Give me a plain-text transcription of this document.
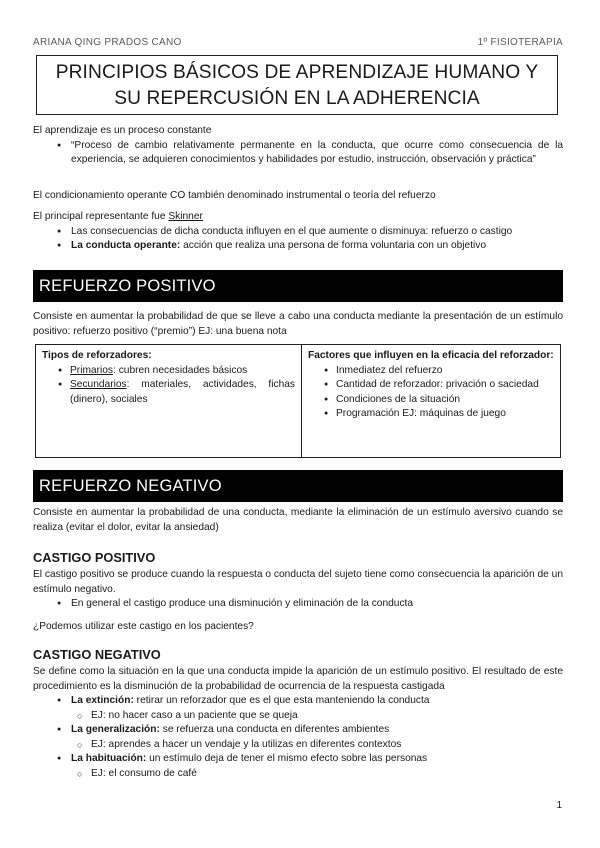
ARIANA QING PRADOS CANO	1º FISIOTERAPIA
PRINCIPIOS BÁSICOS DE APRENDIZAJE HUMANO Y
SU REPERCUSIÓN EN LA ADHERENCIA

El aprendizaje es un proceso constante

● “Proceso de cambio relativamente permanente en la conducta, que ocurre como consecuencia de la experiencia, se adquieren conocimientos y habilidades por estudio, instrucción, observación y práctica”

El condicionamiento operante CO también denominado instrumental o teoría del refuerzo

El principal representante fue Skinner

● Las consecuencias de dicha conducta influyen en el que aumente o disminuya: refuerzo o castigo
● La conducta operante: acción que realiza una persona de forma voluntaria con un objetivo
REFUERZO POSITIVO

Consiste en aumentar la probabilidad de que se lleve a cabo una conducta mediante la presentación de un estímulo positivo: refuerzo positivo (“premio”) EJ: una buena nota

Tipos de reforzadores:

● Primarios: cubren necesidades básicos
● Secundarios: materiales, actividades, fichas (dinero), sociales

Factores que influyen en la eficacia del reforzador:

● Inmediatez del refuerzo
● Cantidad de reforzador: privación o saciedad
● Condiciones de la situación
● Programación EJ: máquinas de juego
REFUERZO NEGATIVO

Consiste en aumentar la probabilidad de una conducta, mediante la eliminación de un estímulo aversivo cuando se realiza (evitar el dolor, evitar la ansiedad)

CASTIGO POSITIVO

El castigo positivo se produce cuando la respuesta o conducta del sujeto tiene como consecuencia la aparición de un estímulo negativo.

● En general el castigo produce una disminución y eliminación de la conducta

¿Podemos utilizar este castigo en los pacientes?

CASTIGO NEGATIVO

Se define como la situación en la que una conducta impide la aparición de un estímulo positivo. El resultado de este procedimiento es la disminución de la probabilidad de ocurrencia de la respuesta castigada

● La extinción: retirar un reforzador que es el que esta manteniendo la conducta
○ EJ: no hacer caso a un paciente que se queja
● La generalización: se refuerza una conducta en diferentes ambientes
○ EJ: aprendes a hacer un vendaje y la utilizas en diferentes contextos
● La habituación: un estímulo deja de tener el mismo efecto sobre las personas
○ EJ: el consumo de café
1
